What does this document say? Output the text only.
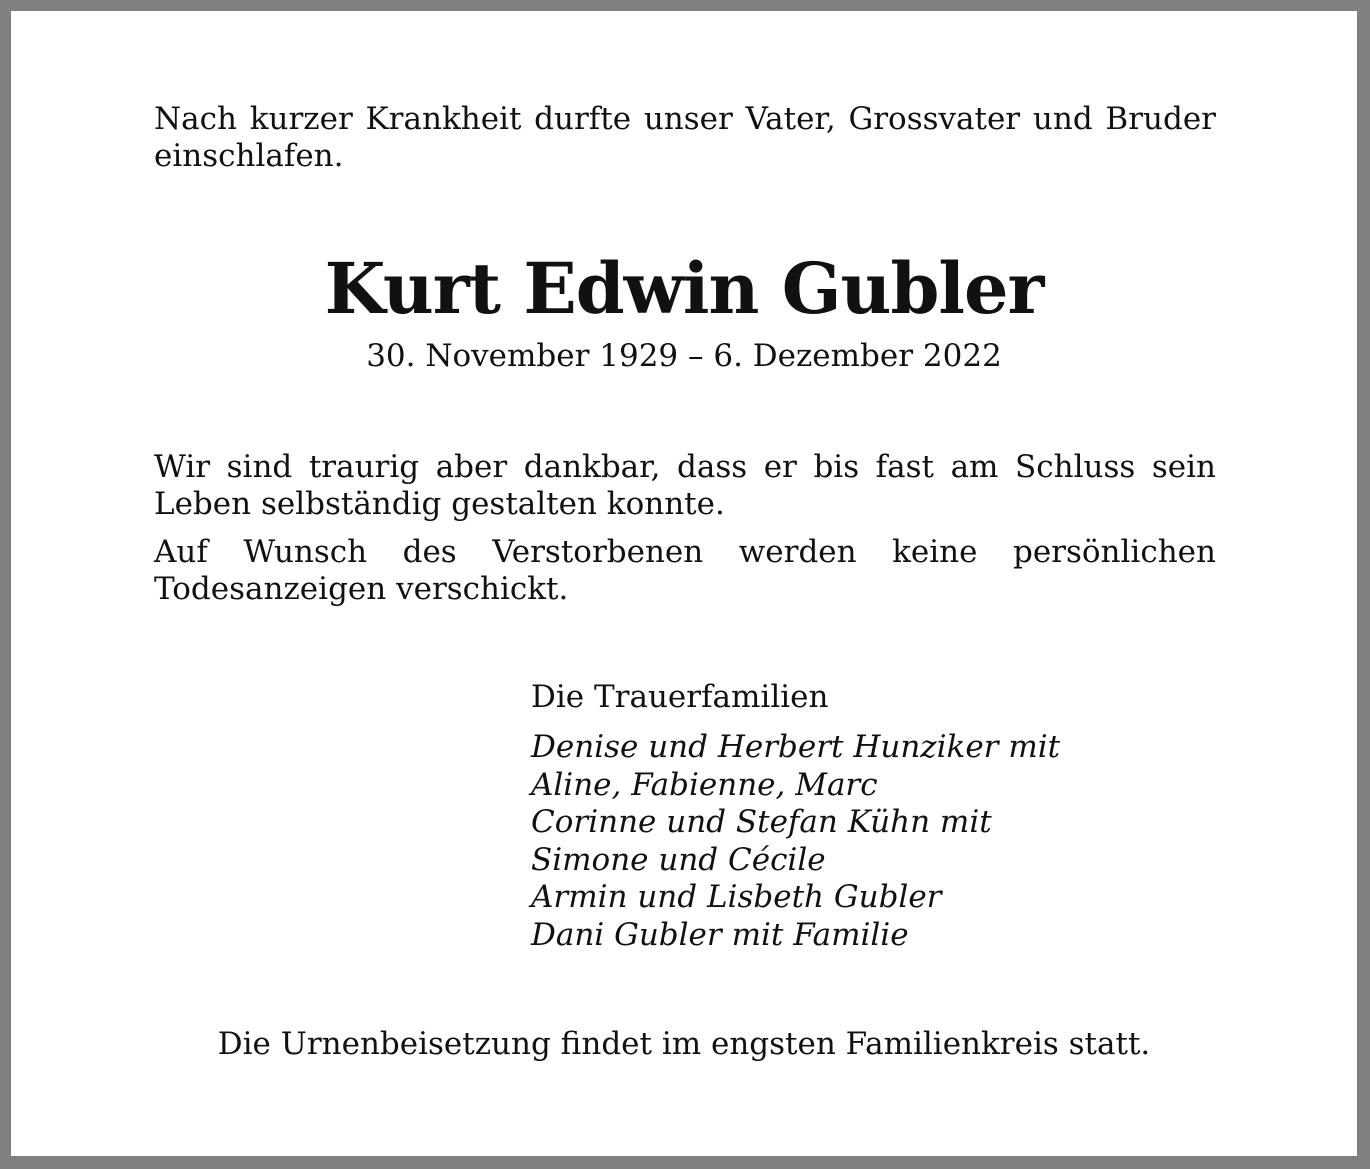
Nach kurzer Krankheit durfte unser Vater, Grossvater und Bruder einschlafen.

Kurt Edwin Gubler

30. November 1929 – 6. Dezember 2022

Wir sind traurig aber dankbar, dass er bis fast am Schluss sein Leben selbständig gestalten konnte.

Auf Wunsch des Verstorbenen werden keine persönlichen Todesanzeigen verschickt.

Die Trauerfamilien

Denise und Herbert Hunziker mit
Aline, Fabienne, Marc
Corinne und Stefan Kühn mit
Simone und Cécile
Armin und Lisbeth Gubler
Dani Gubler mit Familie

Die Urnenbeisetzung findet im engsten Familienkreis statt.
